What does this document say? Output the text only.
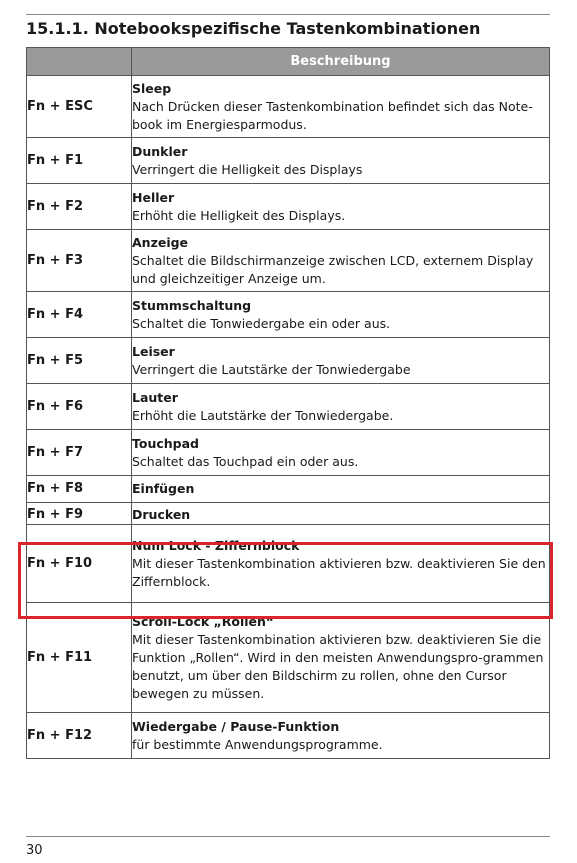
15.1.1. Notebookspezifische Tastenkombinationen
	Beschreibung
Fn + ESC	Sleep
Nach Drücken dieser Tastenkombination befindet sich das Note-book im Energiesparmodus.

Fn + F1	Dunkler
Verringert die Helligkeit des Displays

Fn + F2	Heller
Erhöht die Helligkeit des Displays.

Fn + F3	Anzeige
Schaltet die Bildschirmanzeige zwischen LCD, externem Display und gleichzeitiger Anzeige um.

Fn + F4	Stummschaltung
Schaltet die Tonwiedergabe ein oder aus.

Fn + F5	Leiser
Verringert die Lautstärke der Tonwiedergabe

Fn + F6	Lauter
Erhöht die Lautstärke der Tonwiedergabe.

Fn + F7	Touchpad
Schaltet das Touchpad ein oder aus.

Fn + F8	Einfügen

Fn + F9	Drucken

Fn + F10	Num Lock - Ziffernblock
Mit dieser Tastenkombination aktivieren bzw. deaktivieren Sie den Ziffernblock.

Fn + F11	Scroll-Lock „Rollen“
Mit dieser Tastenkombination aktivieren bzw. deaktivieren Sie die Funktion „Rollen“. Wird in den meisten Anwendungspro-grammen benutzt, um über den Bildschirm zu rollen, ohne den Cursor bewegen zu müssen.

Fn + F12	Wiedergabe / Pause-Funktion
für bestimmte Anwendungsprogramme.
30
